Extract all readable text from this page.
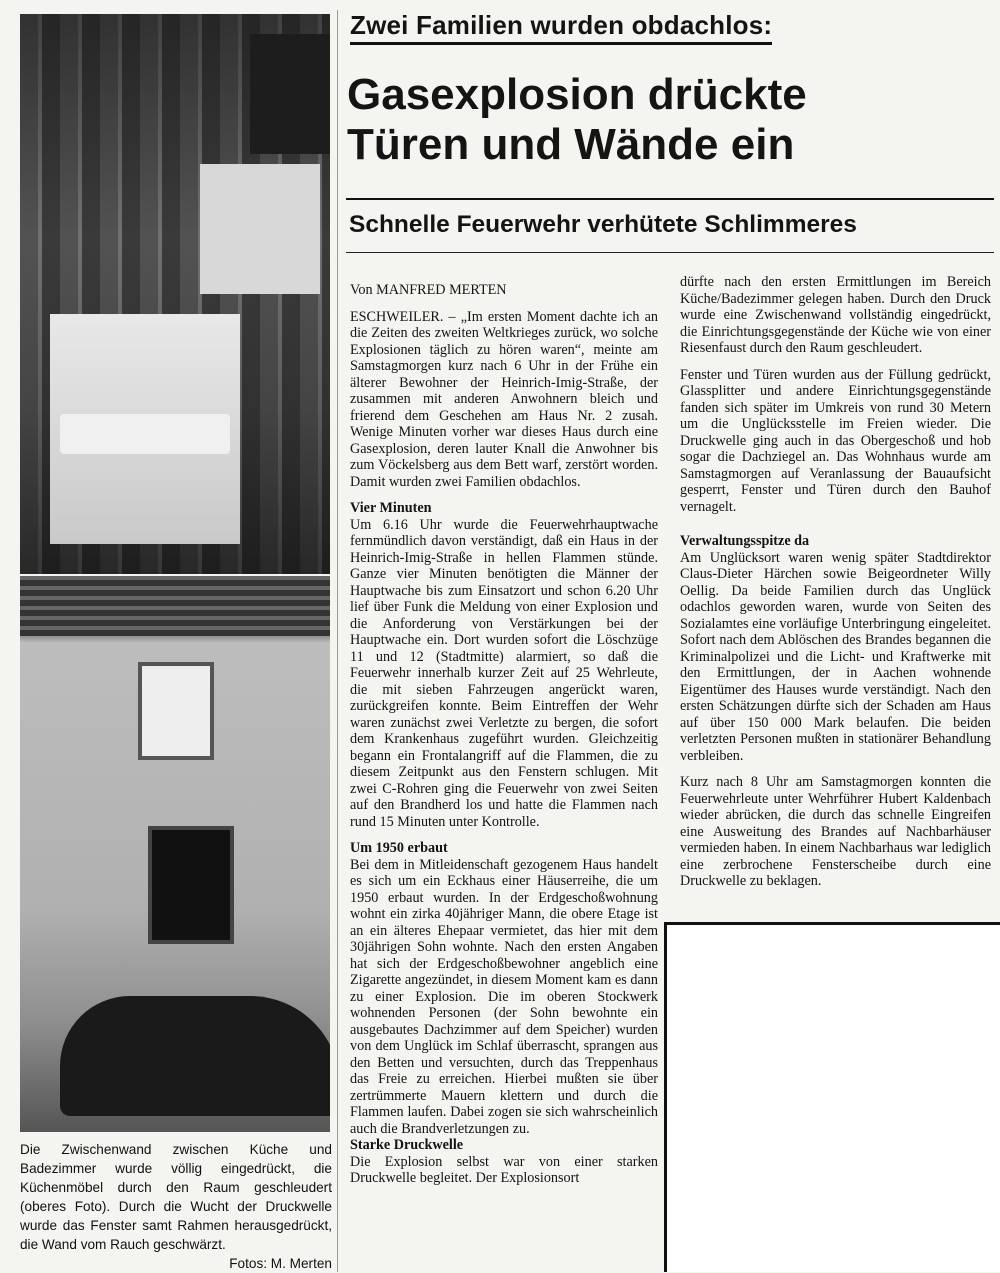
Die Zwischenwand zwischen Küche und Badezimmer wurde völlig eingedrückt, die Küchenmöbel durch den Raum geschleudert (oberes Foto). Durch die Wucht der Druckwelle wurde das Fenster samt Rahmen herausgedrückt, die Wand vom Rauch geschwärzt.
Fotos: M. Merten
Zwei Familien wurden obdachlos:
Gasexplosion drückte
Türen und Wände ein
Schnelle Feuerwehr verhütete Schlimmeres

Von MANFRED MERTEN

ESCHWEILER. – „Im ersten Moment dachte ich an die Zeiten des zweiten Weltkrieges zurück, wo solche Explosionen täglich zu hören waren“, meinte am Samstagmorgen kurz nach 6 Uhr in der Frühe ein älterer Bewohner der Heinrich-Imig-Straße, der zusammen mit anderen Anwohnern bleich und frierend dem Geschehen am Haus Nr. 2 zusah. Wenige Minuten vorher war dieses Haus durch eine Gasexplosion, deren lauter Knall die Anwohner bis zum Vöckelsberg aus dem Bett warf, zerstört worden. Damit wurden zwei Familien obdachlos.

Vier Minuten

Um 6.16 Uhr wurde die Feuerwehrhauptwache fernmündlich davon verständigt, daß ein Haus in der Heinrich-Imig-Straße in hellen Flammen stünde. Ganze vier Minuten benötigten die Männer der Hauptwache bis zum Einsatzort und schon 6.20 Uhr lief über Funk die Meldung von einer Explosion und die Anforderung von Verstärkungen bei der Hauptwache ein. Dort wurden sofort die Löschzüge 11 und 12 (Stadtmitte) alarmiert, so daß die Feuerwehr innerhalb kurzer Zeit auf 25 Wehrleute, die mit sieben Fahrzeugen angerückt waren, zurückgreifen konnte. Beim Eintreffen der Wehr waren zunächst zwei Verletzte zu bergen, die sofort dem Krankenhaus zugeführt wurden. Gleichzeitig begann ein Frontalangriff auf die Flammen, die zu diesem Zeitpunkt aus den Fenstern schlugen. Mit zwei C-Rohren ging die Feuerwehr von zwei Seiten auf den Brandherd los und hatte die Flammen nach rund 15 Minuten unter Kontrolle.

Um 1950 erbaut

Bei dem in Mitleidenschaft gezogenem Haus handelt es sich um ein Eckhaus einer Häuserreihe, die um 1950 erbaut wurden. In der Erdgeschoßwohnung wohnt ein zirka 40jähriger Mann, die obere Etage ist an ein älteres Ehepaar vermietet, das hier mit dem 30jährigen Sohn wohnte. Nach den ersten Angaben hat sich der Erdgeschoßbewohner angeblich eine Zigarette angezündet, in diesem Moment kam es dann zu einer Explosion. Die im oberen Stockwerk wohnenden Personen (der Sohn bewohnte ein ausgebautes Dachzimmer auf dem Speicher) wurden von dem Unglück im Schlaf überrascht, sprangen aus den Betten und versuchten, durch das Treppenhaus das Freie zu erreichen. Hierbei mußten sie über zertrümmerte Mauern klettern und durch die Flammen laufen. Dabei zogen sie sich wahrscheinlich auch die Brandverletzungen zu.

Starke Druckwelle

Die Explosion selbst war von einer starken Druckwelle begleitet. Der Explosionsort

dürfte nach den ersten Ermittlungen im Bereich Küche/Badezimmer gelegen haben. Durch den Druck wurde eine Zwischenwand vollständig eingedrückt, die Einrichtungsgegenstände der Küche wie von einer Riesenfaust durch den Raum geschleudert.

Fenster und Türen wurden aus der Füllung gedrückt, Glassplitter und andere Einrichtungsgegenstände fanden sich später im Umkreis von rund 30 Metern um die Unglücksstelle im Freien wieder. Die Druckwelle ging auch in das Obergeschoß und hob sogar die Dachziegel an. Das Wohnhaus wurde am Samstagmorgen auf Veranlassung der Bauaufsicht gesperrt, Fenster und Türen durch den Bauhof vernagelt.

Verwaltungsspitze da

Am Unglücksort waren wenig später Stadtdirektor Claus-Dieter Härchen sowie Beigeordneter Willy Oellig. Da beide Familien durch das Unglück odachlos geworden waren, wurde von Seiten des Sozialamtes eine vorläufige Unterbringung eingeleitet. Sofort nach dem Ablöschen des Brandes begannen die Kriminalpolizei und die Licht- und Kraftwerke mit den Ermittlungen, der in Aachen wohnende Eigentümer des Hauses wurde verständigt. Nach den ersten Schätzungen dürfte sich der Schaden am Haus auf über 150 000 Mark belaufen. Die beiden verletzten Personen mußten in stationärer Behandlung verbleiben.

Kurz nach 8 Uhr am Samstagmorgen konnten die Feuerwehrleute unter Wehrführer Hubert Kaldenbach wieder abrücken, die durch das schnelle Eingreifen eine Ausweitung des Brandes auf Nachbarhäuser vermieden haben. In einem Nachbarhaus war lediglich eine zerbrochene Fensterscheibe durch eine Druckwelle zu beklagen.
